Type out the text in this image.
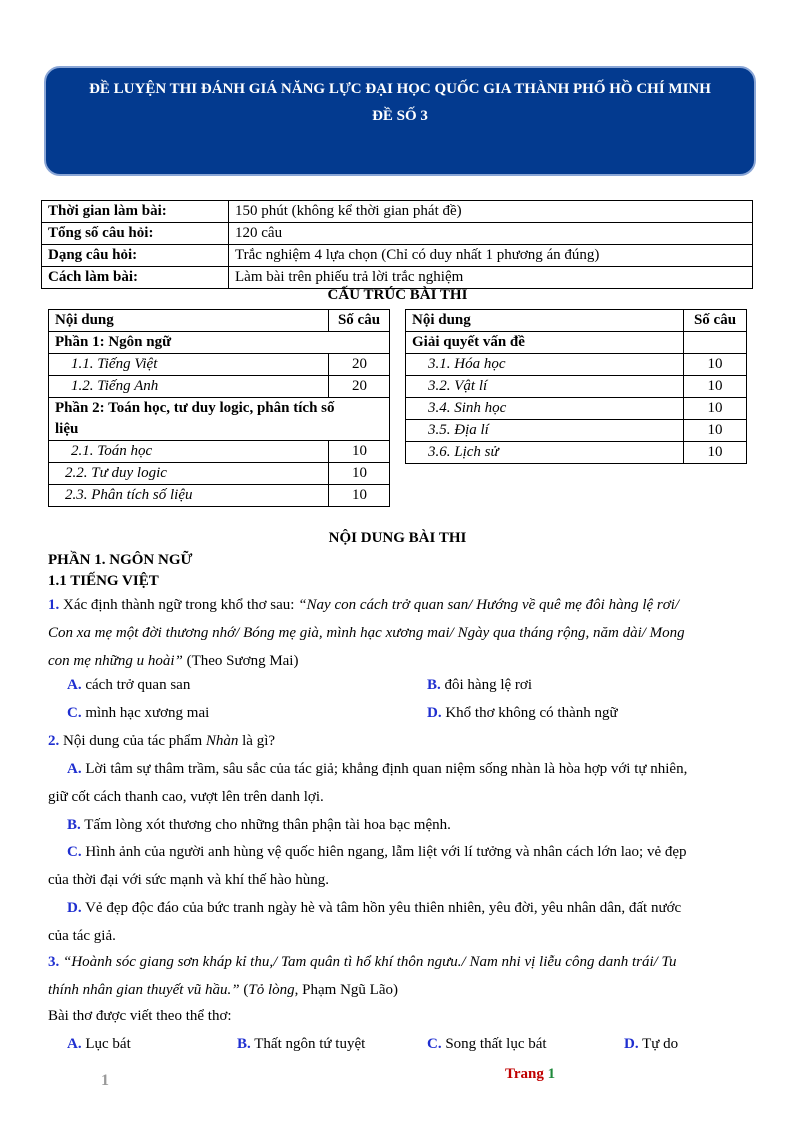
ĐỀ LUYỆN THI ĐÁNH GIÁ NĂNG LỰC ĐẠI HỌC QUỐC GIA THÀNH PHỐ HỒ CHÍ MINH
ĐỀ SỐ 3
Thời gian làm bài:	150 phút (không kể thời gian phát đề)
Tổng số câu hỏi:	120 câu
Dạng câu hỏi:	Trắc nghiệm 4 lựa chọn (Chỉ có duy nhất 1 phương án đúng)
Cách làm bài:	Làm bài trên phiếu trả lời trắc nghiệm
CẤU TRÚC BÀI THI
Nội dung	Số câu
Phần 1: Ngôn ngữ	
1.1. Tiếng Việt	20
1.2. Tiếng Anh	20

Phần 2: Toán học, tư duy logic, phân tích số
liệu	

2.1. Toán học	10
2.2. Tư duy logic	10
2.3. Phân tích số liệu	10
Nội dung	Số câu
Giải quyết vấn đề	
3.1. Hóa học	10
3.2. Vật lí	10
3.4. Sinh học	10
3.5. Địa lí	10
3.6. Lịch sử	10
NỘI DUNG BÀI THI
PHẦN 1. NGÔN NGỮ
1.1 TIẾNG VIỆT
1. Xác định thành ngữ trong khổ thơ sau: “Nay con cách trở quan san/ Hướng về quê mẹ đôi hàng lệ rơi/
Con xa mẹ một đời thương nhớ/ Bóng mẹ già, mình hạc xương mai/ Ngày qua tháng rộng, năm dài/ Mong
con mẹ những u hoài” (Theo Sương Mai)
A. cách trở quan san	B. đôi hàng lệ rơi
C. mình hạc xương mai	D. Khổ thơ không có thành ngữ
2. Nội dung của tác phẩm Nhàn là gì?
A. Lời tâm sự thâm trầm, sâu sắc của tác giả; khẳng định quan niệm sống nhàn là hòa hợp với tự nhiên,
giữ cốt cách thanh cao, vượt lên trên danh lợi.
B. Tấm lòng xót thương cho những thân phận tài hoa bạc mệnh.
C. Hình ảnh của người anh hùng vệ quốc hiên ngang, lẫm liệt với lí tưởng và nhân cách lớn lao; vẻ đẹp
của thời đại với sức mạnh và khí thế hào hùng.
D. Vẻ đẹp độc đáo của bức tranh ngày hè và tâm hồn yêu thiên nhiên, yêu đời, yêu nhân dân, đất nước
của tác giả.
3. “Hoành sóc giang sơn kháp kỉ thu,/ Tam quân tì hổ khí thôn ngưu./ Nam nhi vị liễu công danh trái/ Tu
thính nhân gian thuyết vũ hầu.” (Tỏ lòng, Phạm Ngũ Lão)
Bài thơ được viết theo thể thơ:
A. Lục bát	B. Thất ngôn tứ tuyệt	C. Song thất lục bát	D. Tự do
1	Trang 1
